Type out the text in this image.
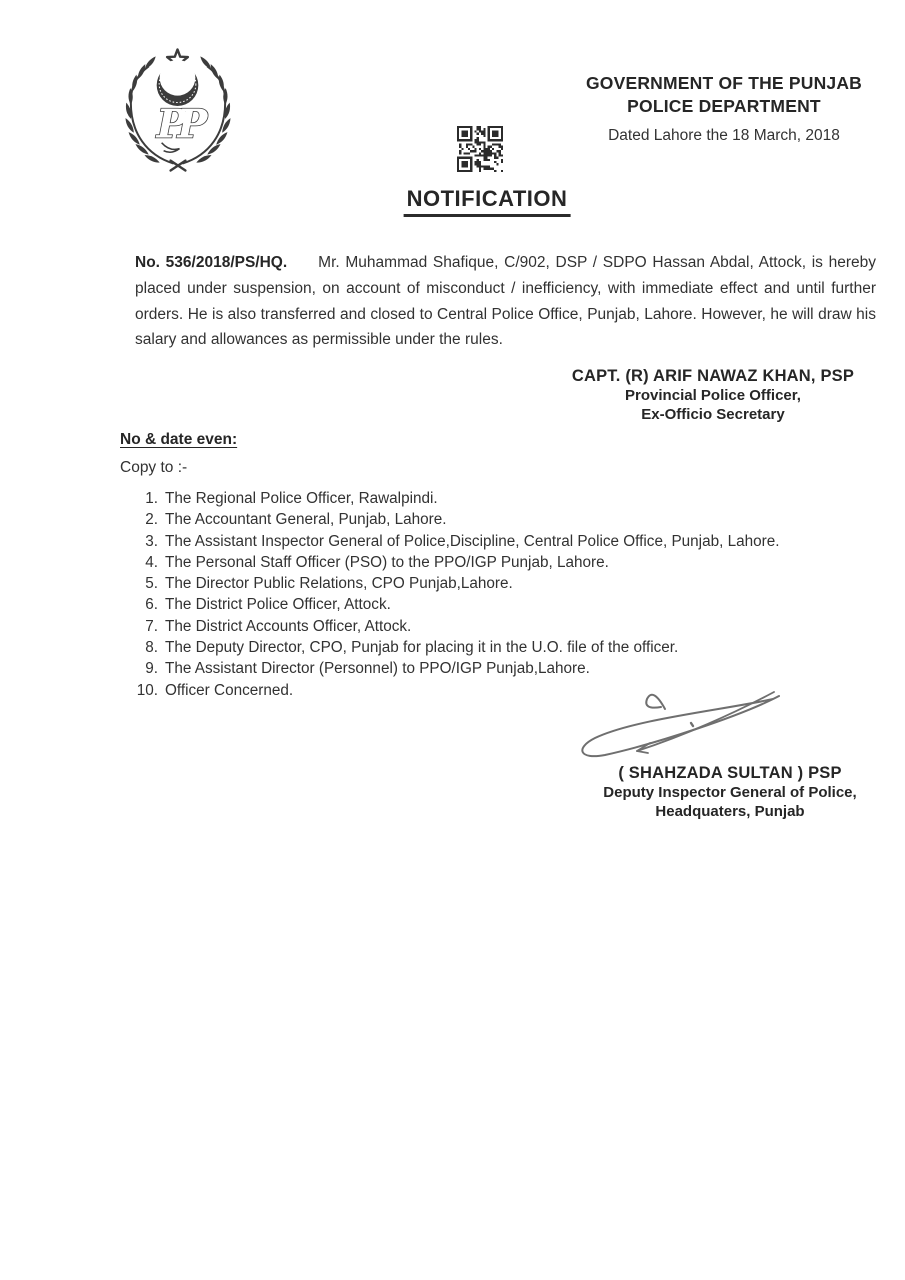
PP
GOVERNMENT OF THE PUNJAB
POLICE DEPARTMENT
Dated Lahore the 18 March, 2018
NOTIFICATION

No. 536/2018/PS/HQ. Mr. Muhammad Shafique, C/902, DSP / SDPO Hassan Abdal, Attock, is hereby placed under suspension, on account of misconduct / inefficiency, with immediate effect and until further orders. He is also transferred and closed to Central Police Office, Punjab, Lahore. However, he will draw his salary and allowances as permissible under the rules.

CAPT. (R) ARIF NAWAZ KHAN, PSP
Provincial Police Officer,
Ex-Officio Secretary
No & date even:
Copy to :-
1. The Regional Police Officer, Rawalpindi.
2. The Accountant General, Punjab, Lahore.
3. The Assistant Inspector General of Police,Discipline, Central Police Office, Punjab, Lahore.
4. The Personal Staff Officer (PSO) to the PPO/IGP Punjab, Lahore.
5. The Director Public Relations, CPO Punjab,Lahore.
6. The District Police Officer, Attock.
7. The District Accounts Officer, Attock.
8. The Deputy Director, CPO, Punjab for placing it in the U.O. file of the officer.
9. The Assistant Director (Personnel) to PPO/IGP Punjab,Lahore.
10. Officer Concerned.
( SHAHZADA SULTAN ) PSP
Deputy Inspector General of Police,
Headquaters, Punjab
